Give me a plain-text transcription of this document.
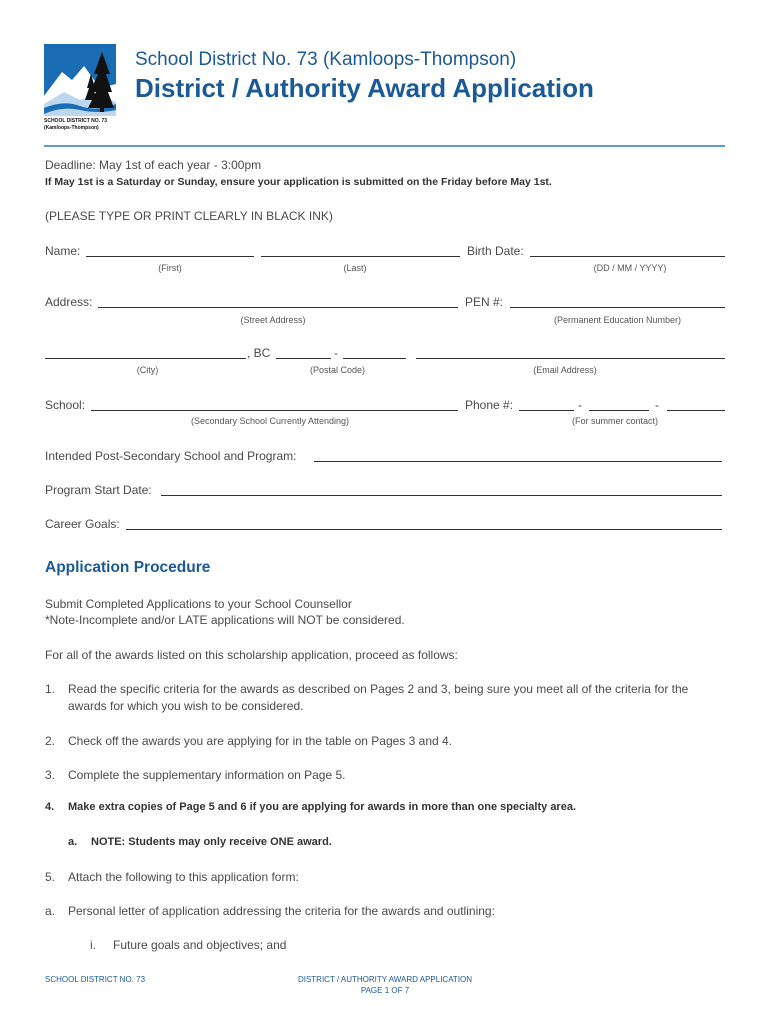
SCHOOL DISTRICT NO. 73
(Kamloops-Thompson)
School District No. 73 (Kamloops-Thompson)
District / Authority Award Application
Deadline: May 1st of each year - 3:00pm
If May 1st is a Saturday or Sunday, ensure your application is submitted on the Friday before May 1st.
(PLEASE TYPE OR PRINT CLEARLY IN BLACK INK)
Name:	Birth Date:
(First)	(Last)	(DD / MM / YYYY)
Address:	PEN #:
(Street Address)	(Permanent Education Number)
, BC	-
(City)	(Postal Code)	(Email Address)
School:	Phone #:	-	-
(Secondary School Currently Attending)	(For summer contact)
Intended Post-Secondary School and Program:
Program Start Date:
Career Goals:
Application Procedure
Submit Completed Applications to your School Counsellor
*Note-Incomplete and/or LATE applications will NOT be considered.
For all of the awards listed on this scholarship application, proceed as follows:
1. Read the specific criteria for the awards as described on Pages 2 and 3, being sure you meet all of the criteria for the
awards for which you wish to be considered.
2. Check off the awards you are applying for in the table on Pages 3 and 4.
3. Complete the supplementary information on Page 5.
4. Make extra copies of Page 5 and 6 if you are applying for awards in more than one specialty area.
a. NOTE: Students may only receive ONE award.
5. Attach the following to this application form:
a. Personal letter of application addressing the criteria for the awards and outlining:
i. Future goals and objectives; and
SCHOOL DISTRICT NO. 73	DISTRICT / AUTHORITY AWARD APPLICATION
PAGE 1 OF 7
